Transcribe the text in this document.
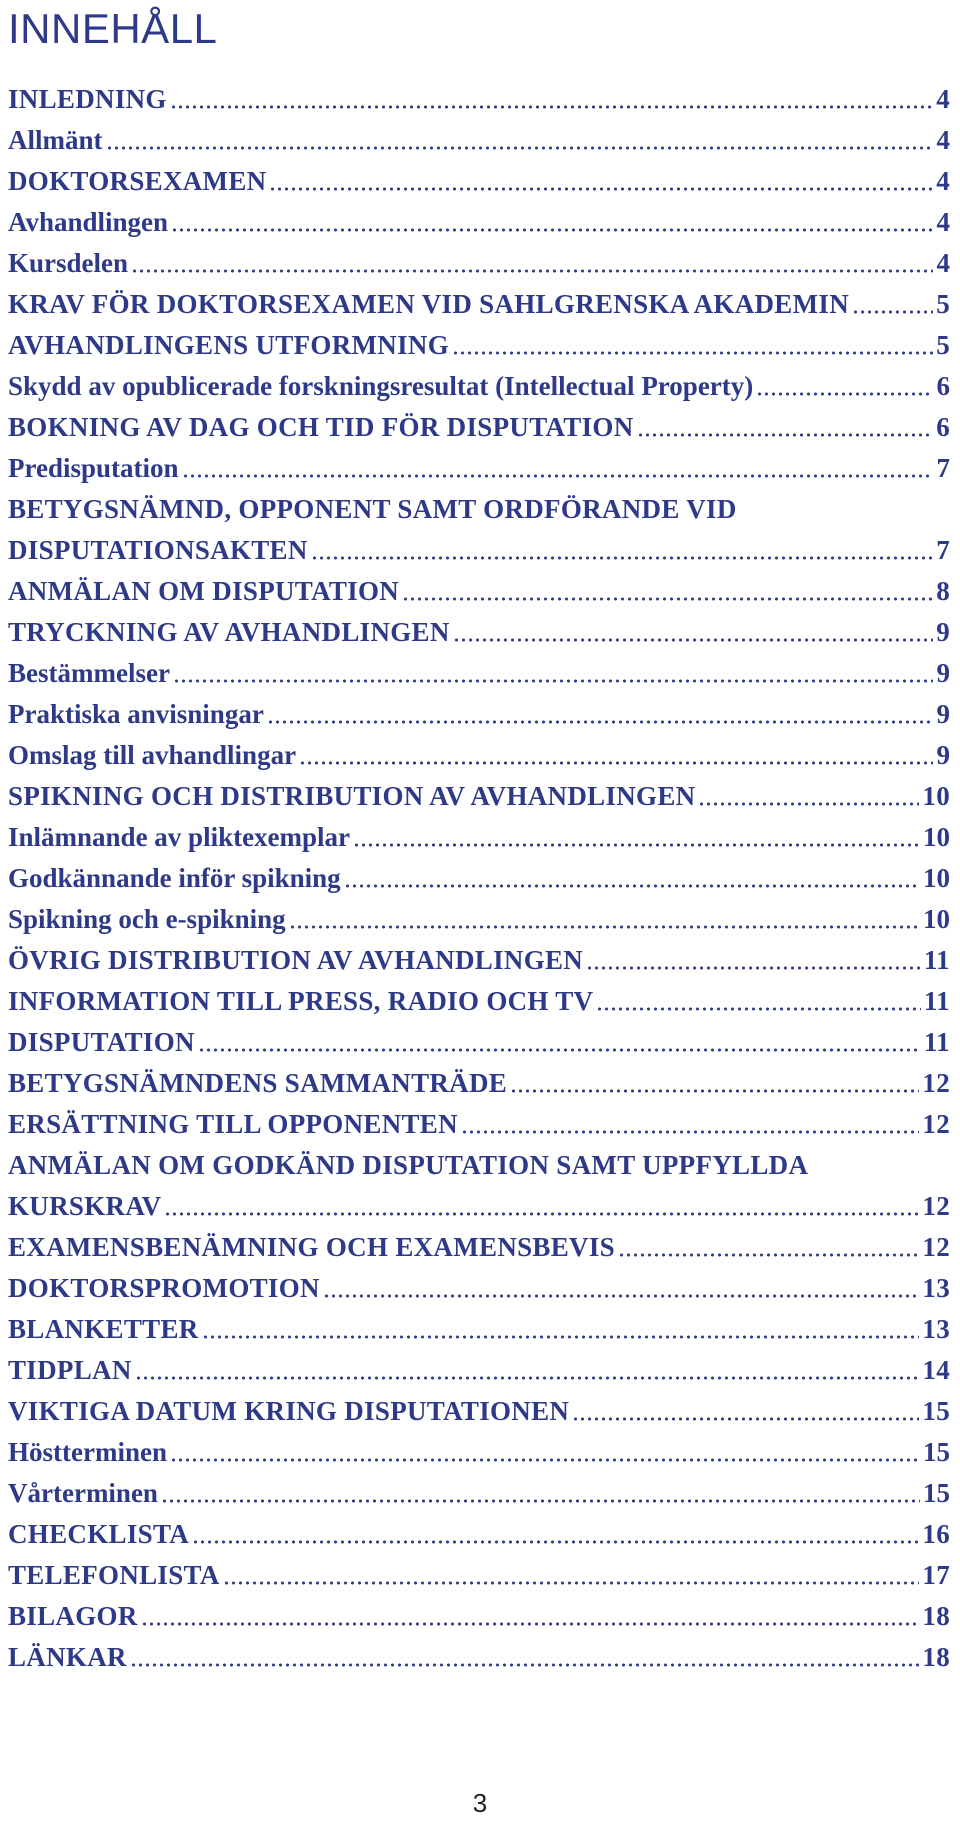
INNEHÅLL
INLEDNING	4
Allmänt	4
DOKTORSEXAMEN	4
Avhandlingen	4
Kursdelen	4
KRAV FÖR DOKTORSEXAMEN VID SAHLGRENSKA AKADEMIN	5
AVHANDLINGENS UTFORMNING	5
Skydd av opublicerade forskningsresultat (Intellectual Property)	6
BOKNING AV DAG OCH TID FÖR DISPUTATION	6
Predisputation	7
BETYGSNÄMND, OPPONENT SAMT ORDFÖRANDE VID
DISPUTATIONSAKTEN	7
ANMÄLAN OM DISPUTATION	8
TRYCKNING AV AVHANDLINGEN	9
Bestämmelser	9
Praktiska anvisningar	9
Omslag till avhandlingar	9
SPIKNING OCH DISTRIBUTION AV AVHANDLINGEN	10
Inlämnande av pliktexemplar	10
Godkännande inför spikning	10
Spikning och e-spikning	10
ÖVRIG DISTRIBUTION AV AVHANDLINGEN	11
INFORMATION TILL PRESS, RADIO OCH TV	11
DISPUTATION	11
BETYGSNÄMNDENS SAMMANTRÄDE	12
ERSÄTTNING TILL OPPONENTEN	12
ANMÄLAN OM GODKÄND DISPUTATION SAMT UPPFYLLDA
KURSKRAV	12
EXAMENSBENÄMNING OCH EXAMENSBEVIS	12
DOKTORSPROMOTION	13
BLANKETTER	13
TIDPLAN	14
VIKTIGA DATUM KRING DISPUTATIONEN	15
Höstterminen	15
Vårterminen	15
CHECKLISTA	16
TELEFONLISTA	17
BILAGOR	18
LÄNKAR	18
3
